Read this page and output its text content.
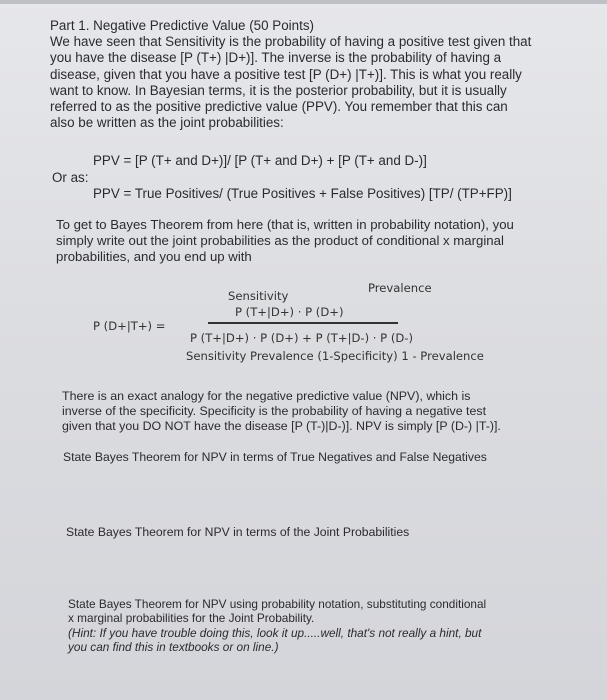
Part 1. Negative Predictive Value (50 Points)
We have seen that Sensitivity is the probability of having a positive test given that
you have the disease [P (T+) |D+)]. The inverse is the probability of having a
disease, given that you have a positive test [P (D+) |T+)]. This is what you really
want to know. In Bayesian terms, it is the posterior probability, but it is usually
referred to as the positive predictive value (PPV). You remember that this can
also be written as the joint probabilities:
PPV = [P (T+ and D+)]/ [P (T+ and D+) + [P (T+ and D-)]
Or as:
PPV = True Positives/ (True Positives + False Positives) [TP/ (TP+FP)]
To get to Bayes Theorem from here (that is, written in probability notation), you
simply write out the joint probabilities as the product of conditional x marginal
probabilities, and you end up with
Prevalence
Sensitivity
P (T+|D+) · P (D+)
P (D+|T+) =
P (T+|D+) · P (D+) + P (T+|D-) · P (D-)
Sensitivity Prevalence (1-Specificity) 1 - Prevalence
There is an exact analogy for the negative predictive value (NPV), which is
inverse of the specificity. Specificity is the probability of having a negative test
given that you DO NOT have the disease [P (T-)|D-)]. NPV is simply [P (D-) |T-)].
State Bayes Theorem for NPV in terms of True Negatives and False Negatives
State Bayes Theorem for NPV in terms of the Joint Probabilities
State Bayes Theorem for NPV using probability notation, substituting conditional
x marginal probabilities for the Joint Probability.
(Hint: If you have trouble doing this, look it up.....well, that's not really a hint, but
you can find this in textbooks or on line.)
